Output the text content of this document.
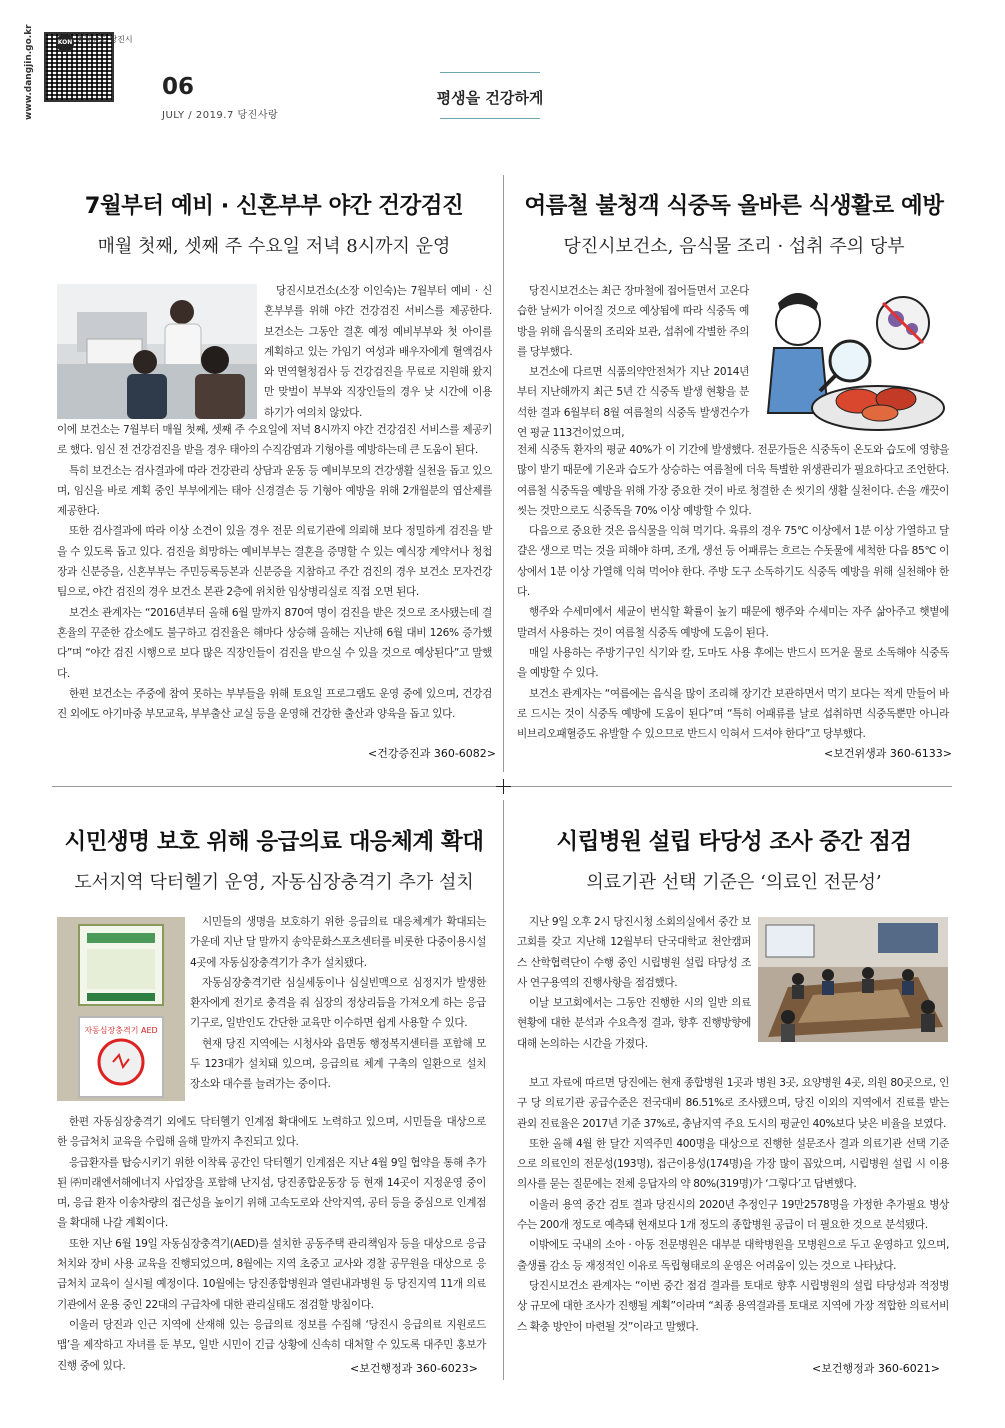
KON 충청남도 당진시
www.dangjin.go.kr	06
JULY / 2019.7 당진사랑
평생을 건강하게
7월부터 예비 · 신혼부부 야간 건강검진
매월 첫째, 셋째 주 수요일 저녁 8시까지 운영

당진시보건소(소장 이인숙)는 7월부터 예비 · 신혼부부를 위해 야간 건강검진 서비스를 제공한다. 보건소는 그동안 결혼 예정 예비부부와 첫 아이를 계획하고 있는 가임기 여성과 배우자에게 혈액검사와 면역혈청검사 등 건강검진을 무료로 지원해 왔지만 맞벌이 부부와 직장인들의 경우 낮 시간에 이용하기가 여의치 않았다.

이에 보건소는 7월부터 매월 첫째, 셋째 주 수요일에 저녁 8시까지 야간 건강검진 서비스를 제공키로 했다. 임신 전 건강검진을 받을 경우 태아의 수직감염과 기형아를 예방하는데 큰 도움이 된다.

특히 보건소는 검사결과에 따라 건강관리 상담과 운동 등 예비부모의 건강생활 실천을 돕고 있으며, 임신을 바로 계획 중인 부부에게는 태아 신경결손 등 기형아 예방을 위해 2개월분의 엽산제를 제공한다.

또한 검사결과에 따라 이상 소견이 있을 경우 전문 의료기관에 의뢰해 보다 정밀하게 검진을 받을 수 있도록 돕고 있다. 검진을 희망하는 예비부부는 결혼을 증명할 수 있는 예식장 계약서나 청첩장과 신분증을, 신혼부부는 주민등록등본과 신분증을 지참하고 주간 검진의 경우 보건소 모자건강팀으로, 야간 검진의 경우 보건소 본관 2층에 위치한 임상병리실로 직접 오면 된다.

보건소 관계자는 “2016년부터 올해 6월 말까지 870여 명이 검진을 받은 것으로 조사됐는데 결혼율의 꾸준한 감소에도 불구하고 검진율은 해마다 상승해 올해는 지난해 6월 대비 126% 증가했다”며 “야간 검진 시행으로 보다 많은 직장인들이 검진을 받으실 수 있을 것으로 예상된다”고 말했다.

한편 보건소는 주중에 참여 못하는 부부들을 위해 토요일 프로그램도 운영 중에 있으며, 건강검진 외에도 아기마중 부모교육, 부부출산 교실 등을 운영해 건강한 출산과 양육을 돕고 있다.

<건강증진과 360-6082>
여름철 불청객 식중독 올바른 식생활로 예방
당진시보건소, 음식물 조리 · 섭취 주의 당부

당진시보건소는 최근 장마철에 접어들면서 고온다습한 날씨가 이어질 것으로 예상됨에 따라 식중독 예방을 위해 음식물의 조리와 보관, 섭취에 각별한 주의를 당부했다.

보건소에 다르면 식품의약안전처가 지난 2014년부터 지난해까지 최근 5년 간 식중독 발생 현황을 분석한 결과 6월부터 8월 여름철의 식중독 발생건수가 연 평균 113건이었으며,

전체 식중독 환자의 평균 40%가 이 기간에 발생했다. 전문가들은 식중독이 온도와 습도에 영향을 많이 받기 때문에 기온과 습도가 상승하는 여름철에 더욱 특별한 위생관리가 필요하다고 조언한다. 여름철 식중독을 예방을 위해 가장 중요한 것이 바로 청결한 손 씻기의 생활 실천이다. 손을 깨끗이 씻는 것만으로도 식중독을 70% 이상 예방할 수 있다.

다음으로 중요한 것은 음식물을 익혀 먹기다. 육류의 경우 75℃ 이상에서 1분 이상 가열하고 달걀은 생으로 먹는 것을 피해야 하며, 조개, 생선 등 어패류는 흐르는 수돗물에 세척한 다음 85℃ 이상에서 1분 이상 가열해 익혀 먹어야 한다. 주방 도구 소독하기도 식중독 예방을 위해 실천해야 한다.

행주와 수세미에서 세균이 번식할 확률이 높기 때문에 행주와 수세미는 자주 삶아주고 햇볕에 말려서 사용하는 것이 여름철 식중독 예방에 도움이 된다.

매일 사용하는 주방기구인 식기와 칼, 도마도 사용 후에는 반드시 뜨거운 물로 소독해야 식중독을 예방할 수 있다.

보건소 관계자는 “여름에는 음식을 많이 조리해 장기간 보관하면서 먹기 보다는 적게 만들어 바로 드시는 것이 식중독 예방에 도움이 된다”며 “특히 어패류를 날로 섭취하면 식중독뿐만 아니라 비브리오패혈증도 유발할 수 있으므로 반드시 익혀서 드셔야 한다”고 당부했다.

<보건위생과 360-6133>
시민생명 보호 위해 응급의료 대응체계 확대
도서지역 닥터헬기 운영, 자동심장충격기 추가 설치
자동심장충격기 AED

시민들의 생명을 보호하기 위한 응급의료 대응체계가 확대되는 가운데 지난 달 말까지 송악문화스포츠센터를 비롯한 다중이용시설 4곳에 자동심장충격기가 추가 설치됐다.

자동심장충격기란 심실세동이나 심실빈맥으로 심정지가 발생한 환자에게 전기로 충격을 줘 심장의 정상리듬을 가져오게 하는 응급 기구로, 일반인도 간단한 교육만 이수하면 쉽게 사용할 수 있다.

현재 당진 지역에는 시청사와 읍면동 행정복지센터를 포함해 모두 123대가 설치돼 있으며, 응급의료 체계 구축의 일환으로 설치 장소와 대수를 늘려가는 중이다.

한편 자동심장충격기 외에도 닥터헬기 인계점 확대에도 노력하고 있으며, 시민들을 대상으로 한 응급처치 교육을 수립해 올해 말까지 추진되고 있다.

응급환자를 탑승시키기 위한 이착륙 공간인 닥터헬기 인계점은 지난 4월 9일 협약을 통해 추가된 ㈜미래엔서해에너지 사업장을 포함해 난지섬, 당진종합운동장 등 현재 14곳이 지정운영 중이며, 응급 환자 이송차량의 접근성을 높이기 위해 고속도로와 산악지역, 공터 등을 중심으로 인계점을 확대해 나갈 계획이다.

또한 지난 6월 19일 자동심장충격기(AED)를 설치한 공동주택 관리책임자 등을 대상으로 응급처치와 장비 사용 교육을 진행되었으며, 8월에는 지역 초중고 교사와 경찰 공무원을 대상으로 응급처치 교육이 실시될 예정이다. 10월에는 당진종합병원과 열린내과병원 등 당진지역 11개 의료기관에서 운용 중인 22대의 구급차에 대한 관리실태도 점검할 방침이다.

이울러 당진과 인근 지역에 산재해 있는 응급의료 정보를 수집해 ‘당진시 응급의료 지원로드맵’을 제작하고 자녀를 둔 부모, 일반 시민이 긴급 상황에 신속히 대처할 수 있도록 대주민 홍보가 진행 중에 있다.	<보건행정과 360-6023>
시립병원 설립 타당성 조사 중간 점검
의료기관 선택 기준은 ‘의료인 전문성’

지난 9일 오후 2시 당진시청 소회의실에서 중간 보고회를 갖고 지난해 12월부터 단국대학교 천안캠퍼스 산학협력단이 수행 중인 시립병원 설립 타당성 조사 연구용역의 진행사항을 점검했다.

이날 보고회에서는 그동안 진행한 시의 일반 의료현황에 대한 분석과 수요측정 결과, 향후 진행방향에 대해 논의하는 시간을 가졌다.

보고 자료에 따르면 당진에는 현재 종합병원 1곳과 병원 3곳, 요양병원 4곳, 의원 80곳으로, 인구 당 의료기관 공급수준은 전국대비 86.51%로 조사됐으며, 당진 이외의 지역에서 진료를 받는 관외 진료율은 2017년 기준 37%로, 충남지역 주요 도시의 평균인 40%보다 낮은 비율을 보였다.

또한 올해 4월 한 달간 지역주민 400명을 대상으로 진행한 설문조사 결과 의료기관 선택 기준으로 의료인의 전문성(193명), 접근이용성(174명)을 가장 많이 꼽았으며, 시립병원 설립 시 이용의사를 묻는 질문에는 전체 응답자의 약 80%(319명)가 ‘그렇다’고 답변했다.

이울러 용역 중간 검토 결과 당진시의 2020년 추정인구 19만2578명을 가정한 추가필요 병상 수는 200개 정도로 예측돼 현재보다 1개 정도의 종합병원 공급이 더 필요한 것으로 분석됐다.

이밖에도 국내의 소아 · 아동 전문병원은 대부분 대학병원을 모병원으로 두고 운영하고 있으며, 출생률 감소 등 재정적인 이유로 독립형태로의 운영은 어려움이 있는 것으로 나타났다.

당진시보건소 관계자는 “이번 중간 점검 결과를 토대로 향후 시립병원의 설립 타당성과 적정병상 규모에 대한 조사가 진행될 계획”이라며 “최종 용역결과를 토대로 지역에 가장 적합한 의료서비스 확충 방안이 마련될 것”이라고 말했다.

<보건행정과 360-6021>
